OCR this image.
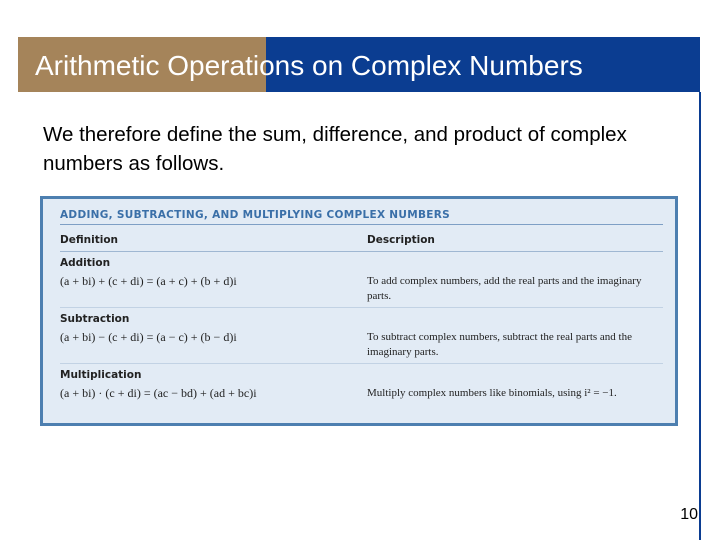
Arithmetic Operations on Complex Numbers
We therefore define the sum, difference, and product of complex numbers as follows.
ADDING, SUBTRACTING, AND MULTIPLYING COMPLEX NUMBERS
Definition	Description
Addition
(a + bi) + (c + di) = (a + c) + (b + d)i	To add complex numbers, add the real parts and the imaginary parts.
Subtraction
(a + bi) − (c + di) = (a − c) + (b − d)i	To subtract complex numbers, subtract the real parts and the imaginary parts.
Multiplication
(a + bi) · (c + di) = (ac − bd) + (ad + bc)i	Multiply complex numbers like binomials, using i² = −1.
10
